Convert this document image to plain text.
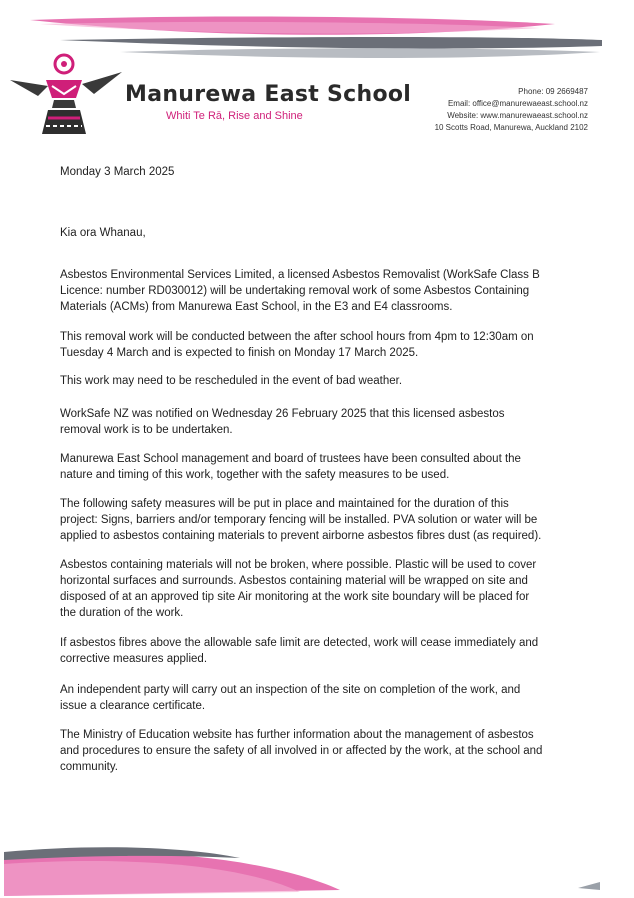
Manurewa East School
Whiti Te Rā, Rise and Shine
Phone: 09 2669487
Email: office@manurewaeast.school.nz
Website: www.manurewaeast.school.nz
10 Scotts Road, Manurewa, Auckland 2102
Monday 3 March 2025
Kia ora Whanau,
Asbestos Environmental Services Limited, a licensed Asbestos Removalist (WorkSafe Class B Licence: number RD030012) will be undertaking removal work of some Asbestos Containing Materials (ACMs) from Manurewa East School, in the E3 and E4 classrooms.
This removal work will be conducted between the after school hours from 4pm to 12:30am on Tuesday 4 March and is expected to finish on Monday 17 March 2025.
This work may need to be rescheduled in the event of bad weather.
WorkSafe NZ was notified on Wednesday 26 February 2025 that this licensed asbestos removal work is to be undertaken.
Manurewa East School management and board of trustees have been consulted about the nature and timing of this work, together with the safety measures to be used.
The following safety measures will be put in place and maintained for the duration of this project: Signs, barriers and/or temporary fencing will be installed. PVA solution or water will be applied to asbestos containing materials to prevent airborne asbestos fibres dust (as required).
Asbestos containing materials will not be broken, where possible. Plastic will be used to cover horizontal surfaces and surrounds. Asbestos containing material will be wrapped on site and disposed of at an approved tip site Air monitoring at the work site boundary will be placed for the duration of the work.
If asbestos fibres above the allowable safe limit are detected, work will cease immediately and corrective measures applied.
An independent party will carry out an inspection of the site on completion of the work, and issue a clearance certificate.
The Ministry of Education website has further information about the management of asbestos and procedures to ensure the safety of all involved in or affected by the work, at the school and community.
